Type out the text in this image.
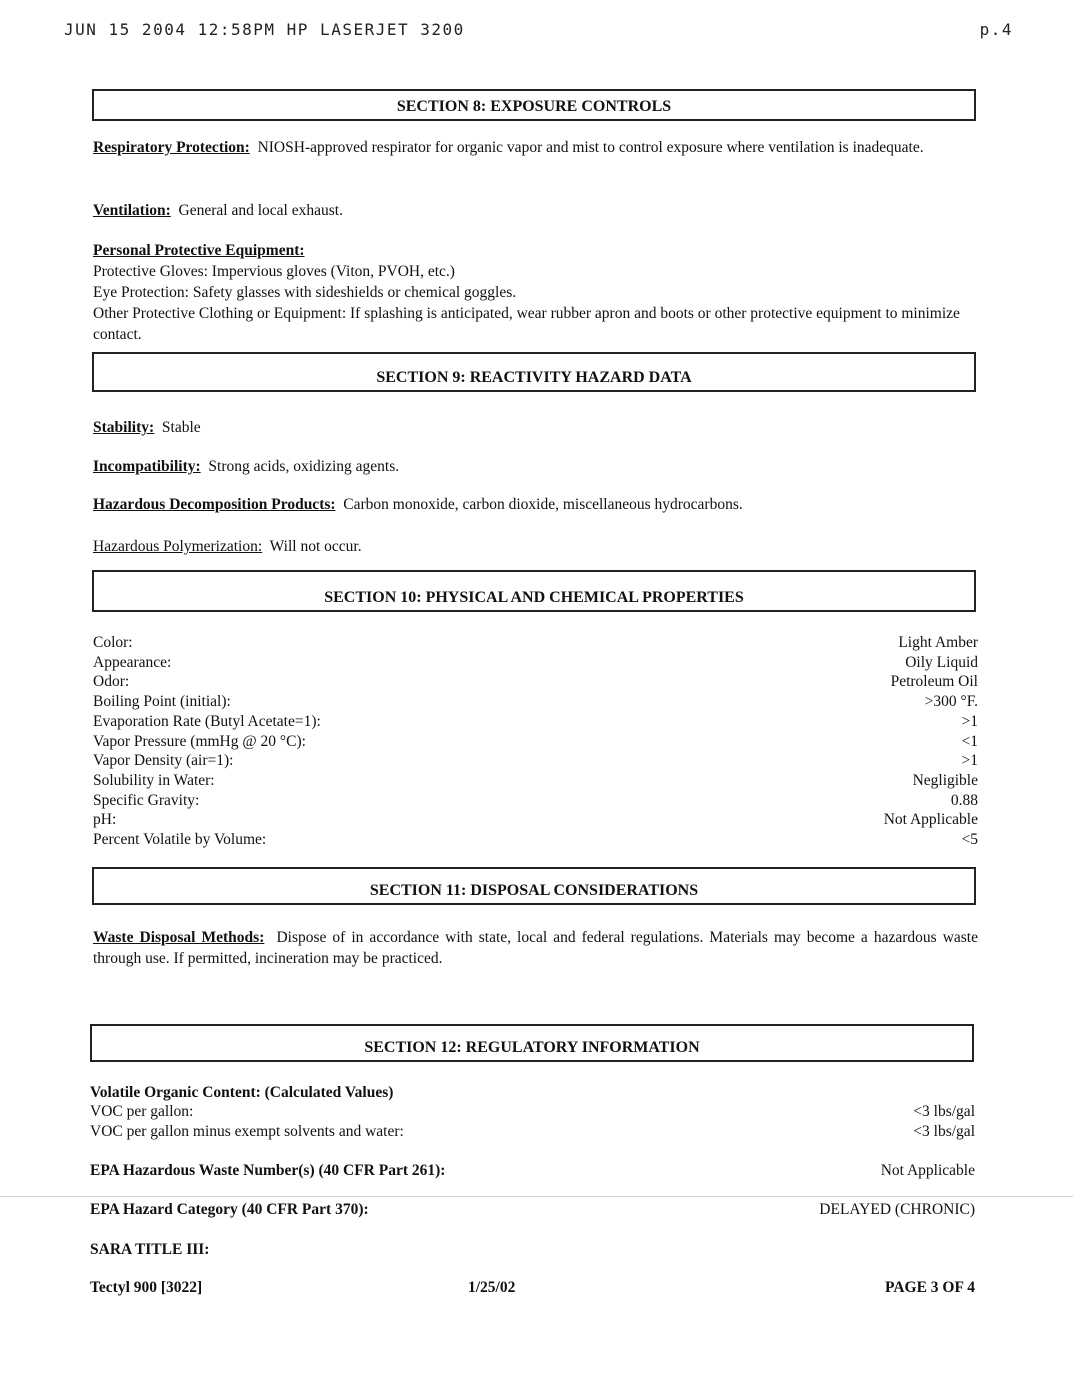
JUN 15 2004 12:58PM HP LASERJET 3200	p.4
SECTION 8: EXPOSURE CONTROLS
Respiratory Protection: NIOSH-approved respirator for organic vapor and mist to control exposure where ventilation is inadequate.
Ventilation: General and local exhaust.
Personal Protective Equipment:
Protective Gloves: Impervious gloves (Viton, PVOH, etc.)
Eye Protection: Safety glasses with sideshields or chemical goggles.
Other Protective Clothing or Equipment: If splashing is anticipated, wear rubber apron and boots or other protective equipment to minimize contact.
SECTION 9: REACTIVITY HAZARD DATA
Stability: Stable
Incompatibility: Strong acids, oxidizing agents.
Hazardous Decomposition Products: Carbon monoxide, carbon dioxide, miscellaneous hydrocarbons.
Hazardous Polymerization: Will not occur.
SECTION 10: PHYSICAL AND CHEMICAL PROPERTIES
Color:	Light Amber
Appearance:	Oily Liquid
Odor:	Petroleum Oil
Boiling Point (initial):	>300 °F.
Evaporation Rate (Butyl Acetate=1):	>1
Vapor Pressure (mmHg @ 20 °C):	<1
Vapor Density (air=1):	>1
Solubility in Water:	Negligible
Specific Gravity:	0.88
pH:	Not Applicable
Percent Volatile by Volume:	<5
SECTION 11: DISPOSAL CONSIDERATIONS
Waste Disposal Methods: Dispose of in accordance with state, local and federal regulations. Materials may become a hazardous waste through use. If permitted, incineration may be practiced.
SECTION 12: REGULATORY INFORMATION
Volatile Organic Content: (Calculated Values)
VOC per gallon:	<3 lbs/gal
VOC per gallon minus exempt solvents and water:	<3 lbs/gal
EPA Hazardous Waste Number(s) (40 CFR Part 261):	Not Applicable
EPA Hazard Category (40 CFR Part 370):	DELAYED (CHRONIC)
SARA TITLE III:
Tectyl 900 [3022]	1/25/02	PAGE 3 OF 4
